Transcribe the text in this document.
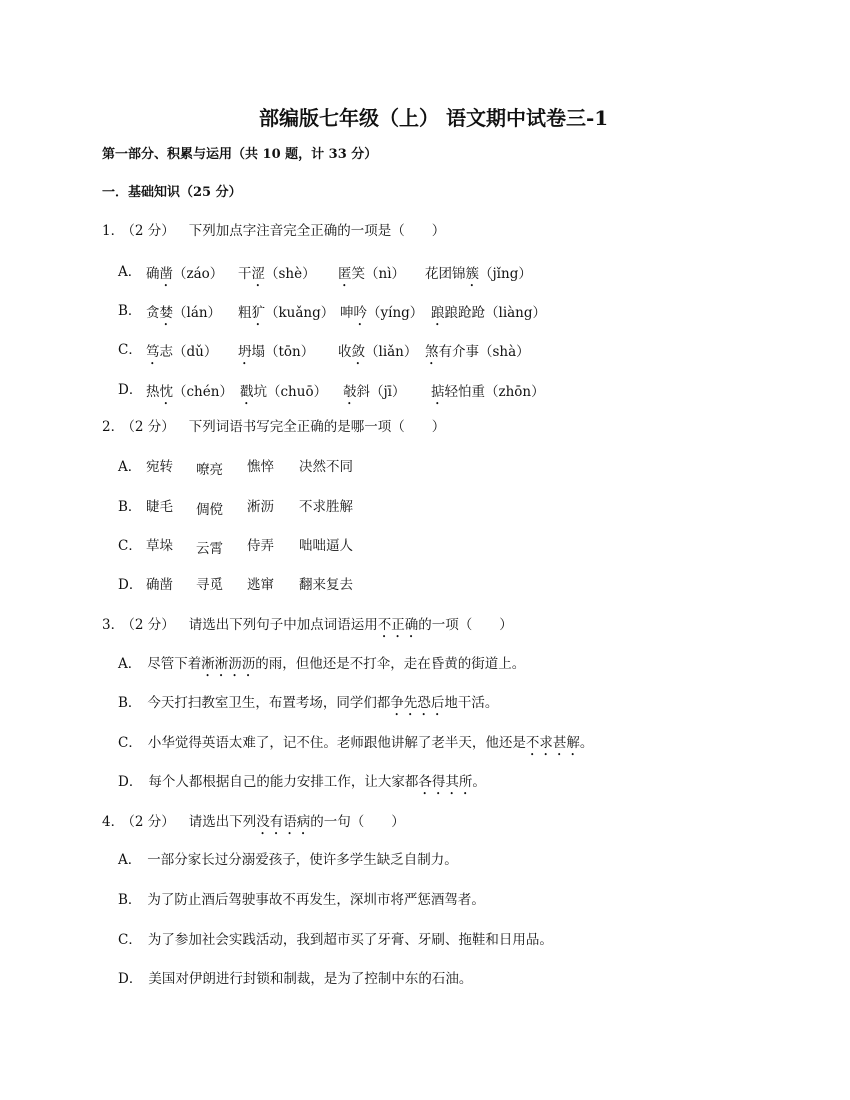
部编版七年级（上） 语文期中试卷三-1
第一部分、积累与运用（共 10 题，计 33 分）
一．基础知识（25 分）
1． （2 分） 下列加点字注音完全正确的一项是（　　）
A． 确凿（záo） 干涩（shè） 匿笑（nì） 花团锦簇（jǐng）
B． 贪婪（lán） 粗犷（kuǎng） 呻吟（yíng） 踉踉跄跄（liàng）
C． 笃志（dǔ） 坍塌（tōn） 收敛（liǎn） 煞有介事（shà）
D． 热忱（chén） 戳坑（chuō） 攲斜（jī） 掂轻怕重（zhōn）
2． （2 分） 下列词语书写完全正确的是哪一项（　　）
A． 宛转 嘹亮 憔悴 决然不同
B． 睫毛 倜傥 淅沥 不求胜解
C． 草垛 云霄 侍弄 咄咄逼人
D． 确凿 寻觅 逃窜 翻来复去
3． （2 分） 请选出下列句子中加点词语运用不正确的一项（　　）
A． 尽管下着淅淅沥沥的雨，但他还是不打伞，走在昏黄的街道上。
B． 今天打扫教室卫生，布置考场，同学们都争先恐后地干活。
C． 小华觉得英语太难了，记不住。老师跟他讲解了老半天，他还是不求甚解。
D． 每个人都根据自己的能力安排工作，让大家都各得其所。
4． （2 分） 请选出下列没有语病的一句（　　）
A． 一部分家长过分溺爱孩子，使许多学生缺乏自制力。
B． 为了防止酒后驾驶事故不再发生，深圳市将严惩酒驾者。
C． 为了参加社会实践活动，我到超市买了牙膏、牙刷、拖鞋和日用品。
D． 美国对伊朗进行封锁和制裁，是为了控制中东的石油。
